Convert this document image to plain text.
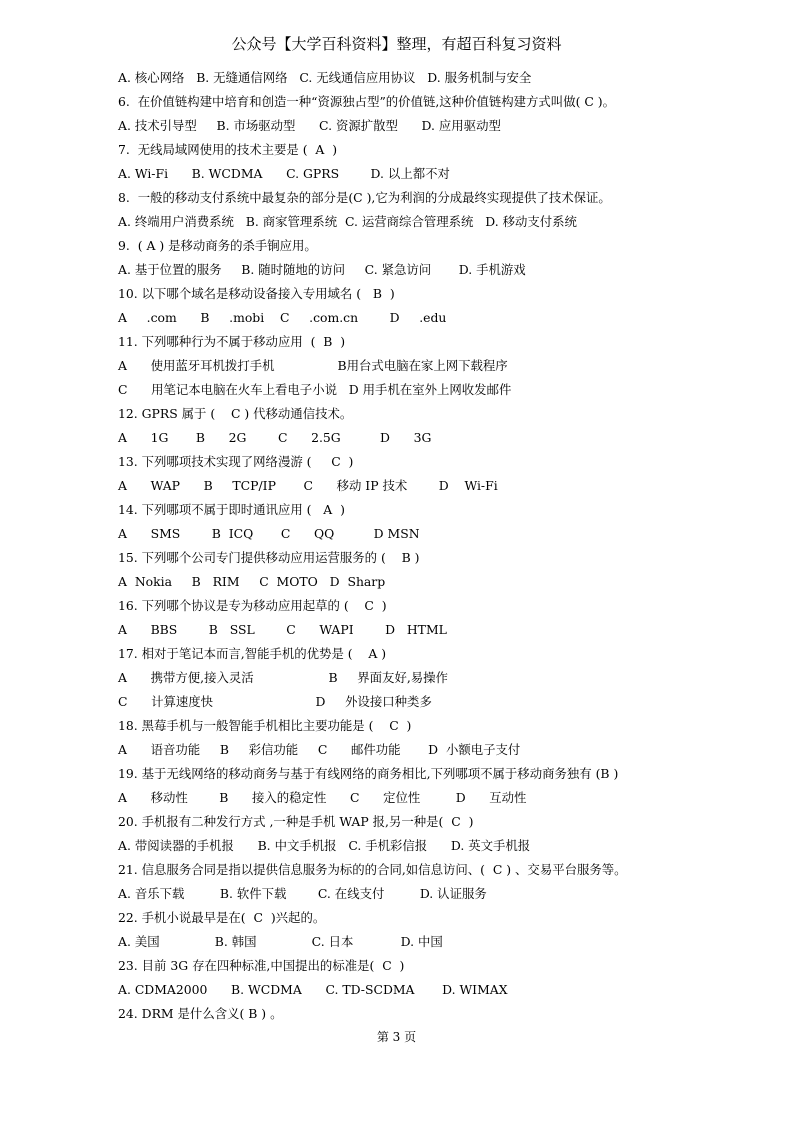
公众号【大学百科资料】整理，有超百科复习资料
A. 核心网络   B. 无缝通信网络   C. 无线通信应用协议   D. 服务机制与安全
6.  在价值链构建中培育和创造一种“资源独占型”的价值链,这种价值链构建方式叫做( C )。
A. 技术引导型     B. 市场驱动型      C. 资源扩散型      D. 应用驱动型
7.  无线局域网使用的技术主要是 (  A  )
A. Wi-Fi      B. WCDMA      C. GPRS        D. 以上都不对
8.  一般的移动支付系统中最复杂的部分是(C ),它为利润的分成最终实现提供了技术保证。
A. 终端用户消费系统   B. 商家管理系统  C. 运营商综合管理系统   D. 移动支付系统
9.  ( A ) 是移动商务的杀手锏应用。
A. 基于位置的服务     B. 随时随地的访问     C. 紧急访问       D. 手机游戏
10. 以下哪个域名是移动设备接入专用域名 (   B  )
A     .com      B     .mobi    C     .com.cn        D     .edu
11. 下列哪种行为不属于移动应用  (  B  )
A      使用蓝牙耳机拨打手机                B用台式电脑在家上网下载程序
C      用笔记本电脑在火车上看电子小说   D 用手机在室外上网收发邮件
12. GPRS 属于 (    C ) 代移动通信技术。
A      1G       B      2G        C      2.5G          D      3G
13. 下列哪项技术实现了网络漫游 (     C  )
A      WAP      B     TCP/IP       C      移动 IP 技术        D    Wi-Fi
14. 下列哪项不属于即时通讯应用 (   A  )
A      SMS        B  ICQ       C      QQ          D MSN
15. 下列哪个公司专门提供移动应用运营服务的 (    B )
A  Nokia     B   RIM     C  MOTO   D  Sharp
16. 下列哪个协议是专为移动应用起草的 (    C  )
A      BBS        B   SSL        C      WAPI        D   HTML
17. 相对于笔记本而言,智能手机的优势是 (    A )
A      携带方便,接入灵活                   B     界面友好,易操作
C      计算速度快                          D     外设接口种类多
18. 黑莓手机与一般智能手机相比主要功能是 (    C  )
A      语音功能     B     彩信功能     C      邮件功能       D  小额电子支付
19. 基于无线网络的移动商务与基于有线网络的商务相比,下列哪项不属于移动商务独有 (B )
A      移动性        B      接入的稳定性      C      定位性         D      互动性
20. 手机报有二种发行方式 ,一种是手机 WAP 报,另一种是(  C  )
A. 带阅读器的手机报      B. 中文手机报   C. 手机彩信报      D. 英文手机报
21. 信息服务合同是指以提供信息服务为标的的合同,如信息访问、(  C ) 、交易平台服务等。
A. 音乐下载         B. 软件下载        C. 在线支付         D. 认证服务
22. 手机小说最早是在(  C  )兴起的。
A. 美国              B. 韩国              C. 日本            D. 中国
23. 目前 3G 存在四种标准,中国提出的标准是(  C  )
A. CDMA2000      B. WCDMA      C. TD-SCDMA       D. WIMAX
24. DRM 是什么含义( B ) 。
第 3 页
